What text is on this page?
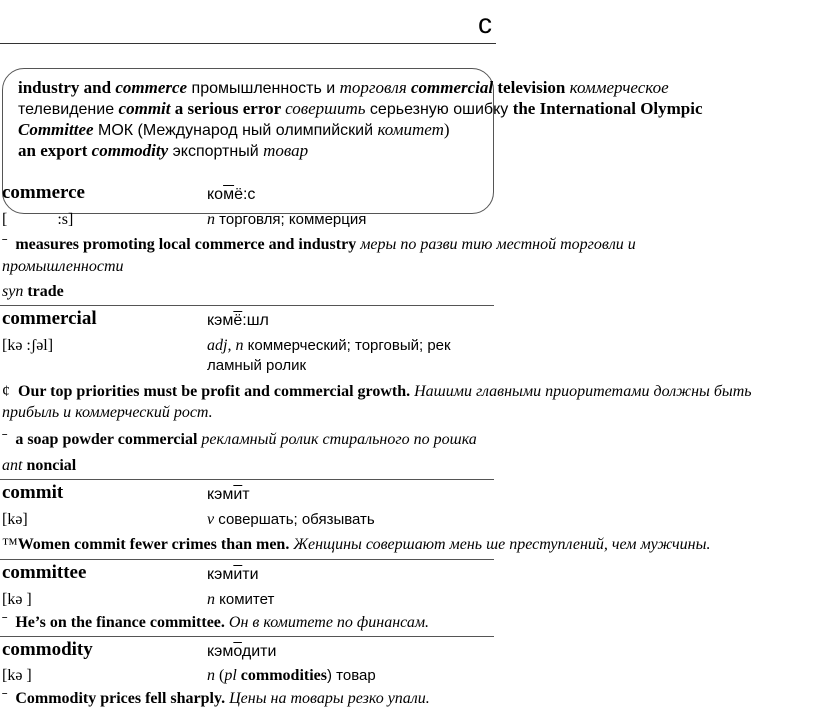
c
industry and commerce промышленность и торговля commercial television коммерческое
телевидение commit a serious error совершить серьезную ошибку the International Olympic
Committee МОК (Международ ный олимпийский комитет)
an export commodity экспортный товар
commerce	комё:с
[	:s]	n торговля; коммерция
ˉ measures promoting local commerce and industry меры по разви тию местной торговли и
промышленности
syn trade
commercial	кэмё:шл
[kə :ʃəl]	adj, n коммерческий; торговый; рек
ламный ролик
¢ Our top priorities must be profit and commercial growth. Нашими главными приоритетами должны быть
прибыль и коммерческий рост.
ˉ a soap powder commercial рекламный ролик стирального по рошка
ant noncial
commit	кэмит
[kə]	v совершать; обязывать
™Women commit fewer crimes than men. Женщины совершают мень ше преступлений, чем мужчины.
committee	кэмити
[kə ]	n комитет
ˉ He’s on the finance committee. Он в комитете по финансам.
commodity	кэмодити
[kə ]	n (pl commodities) товар
ˉ Commodity prices fell sharply. Цены на товары резко упали.
